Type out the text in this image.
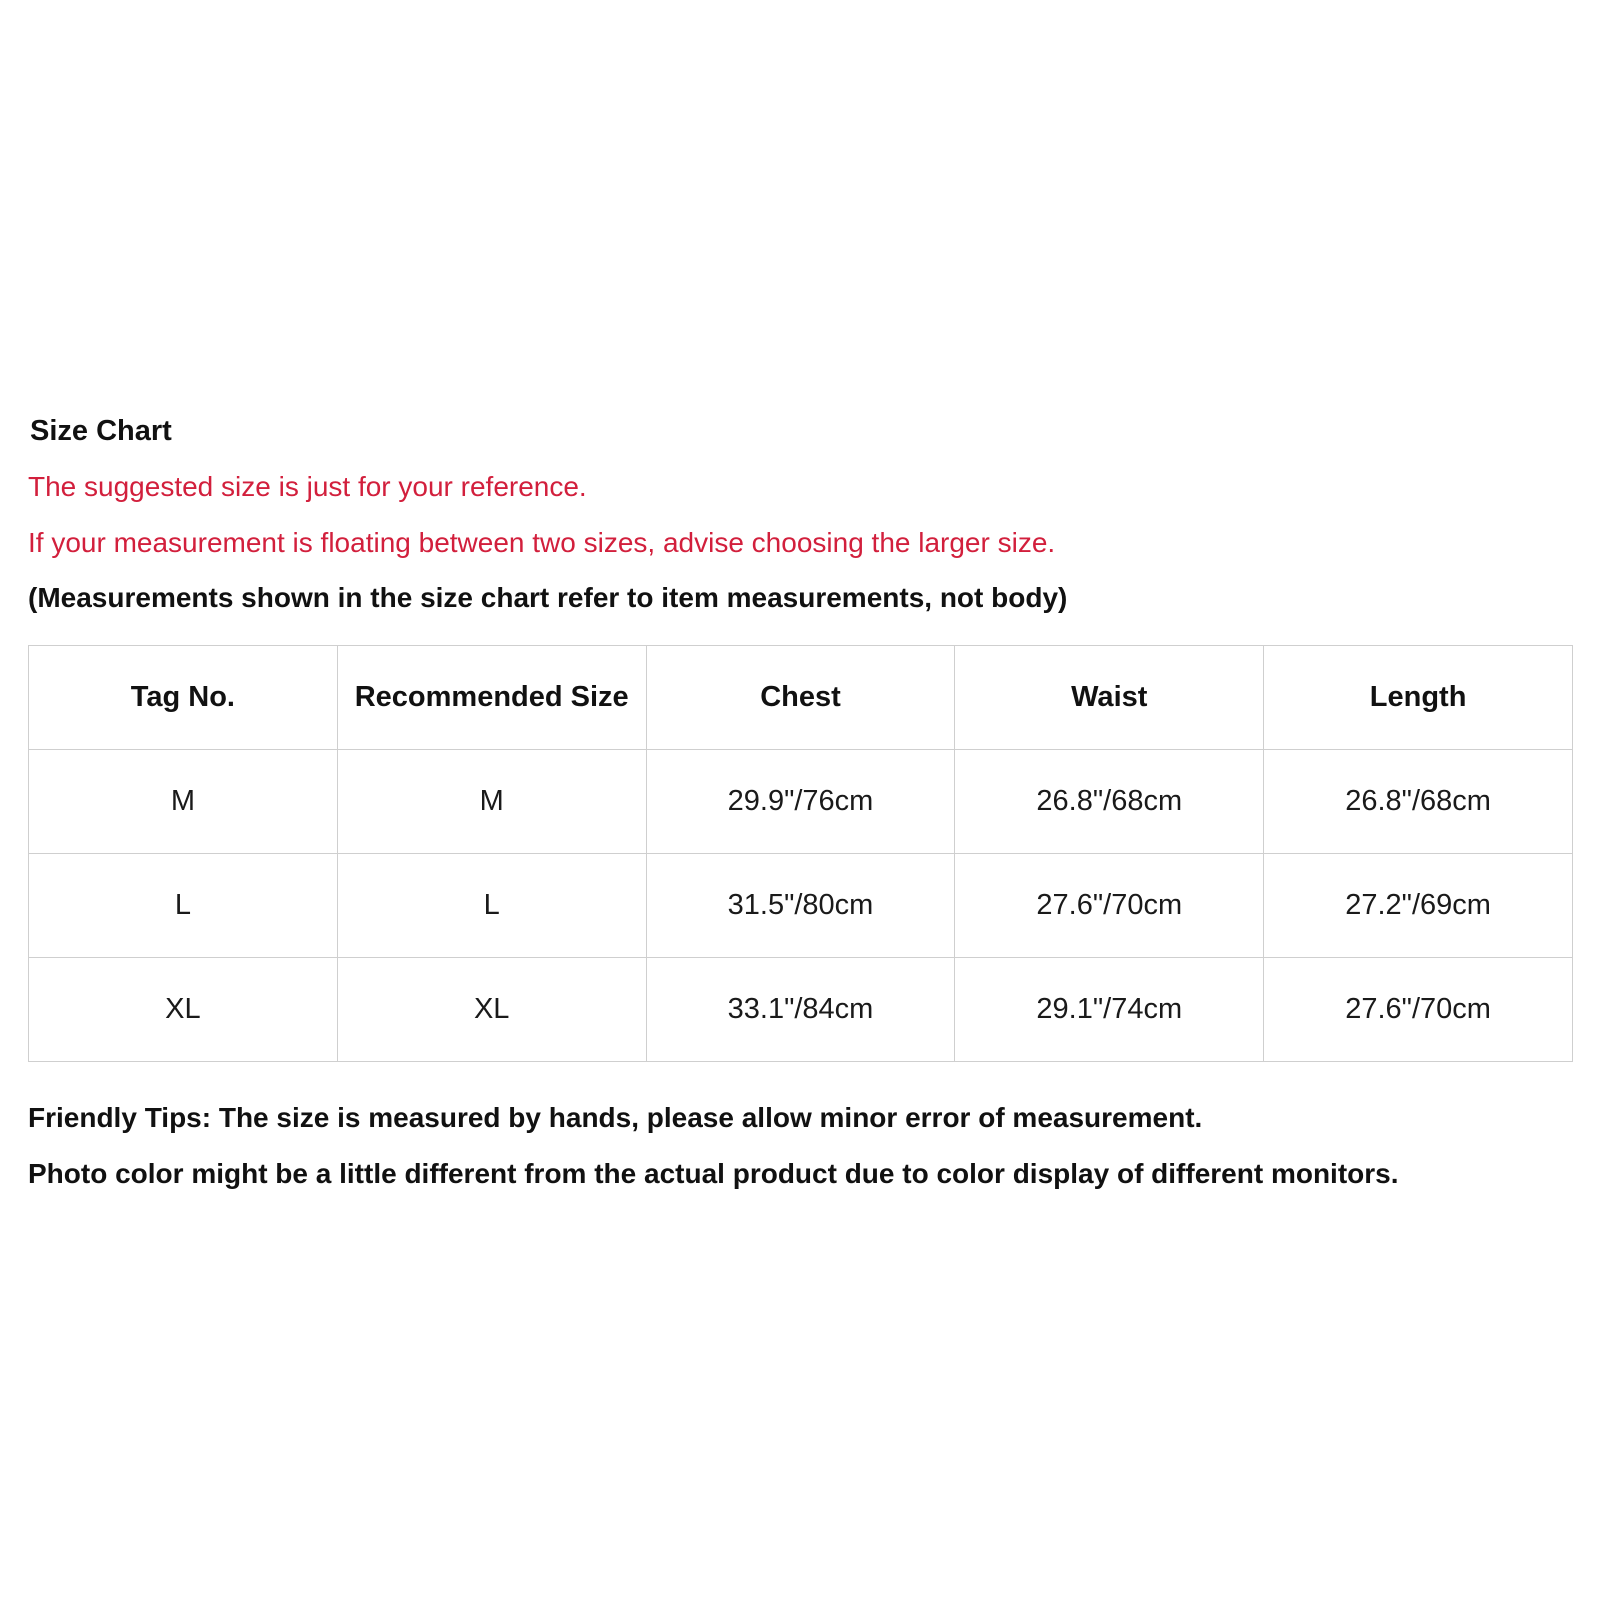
Size Chart

The suggested size is just for your reference.

If your measurement is floating between two sizes, advise choosing the larger size.

(Measurements shown in the size chart refer to item measurements, not body)

Tag No.	Recommended Size	Chest	Waist	Length
M	M	29.9"/76cm	26.8"/68cm	26.8"/68cm
L	L	31.5"/80cm	27.6"/70cm	27.2"/69cm
XL	XL	33.1"/84cm	29.1"/74cm	27.6"/70cm

Friendly Tips: The size is measured by hands, please allow minor error of measurement.

Photo color might be a little different from the actual product due to color display of different monitors.
